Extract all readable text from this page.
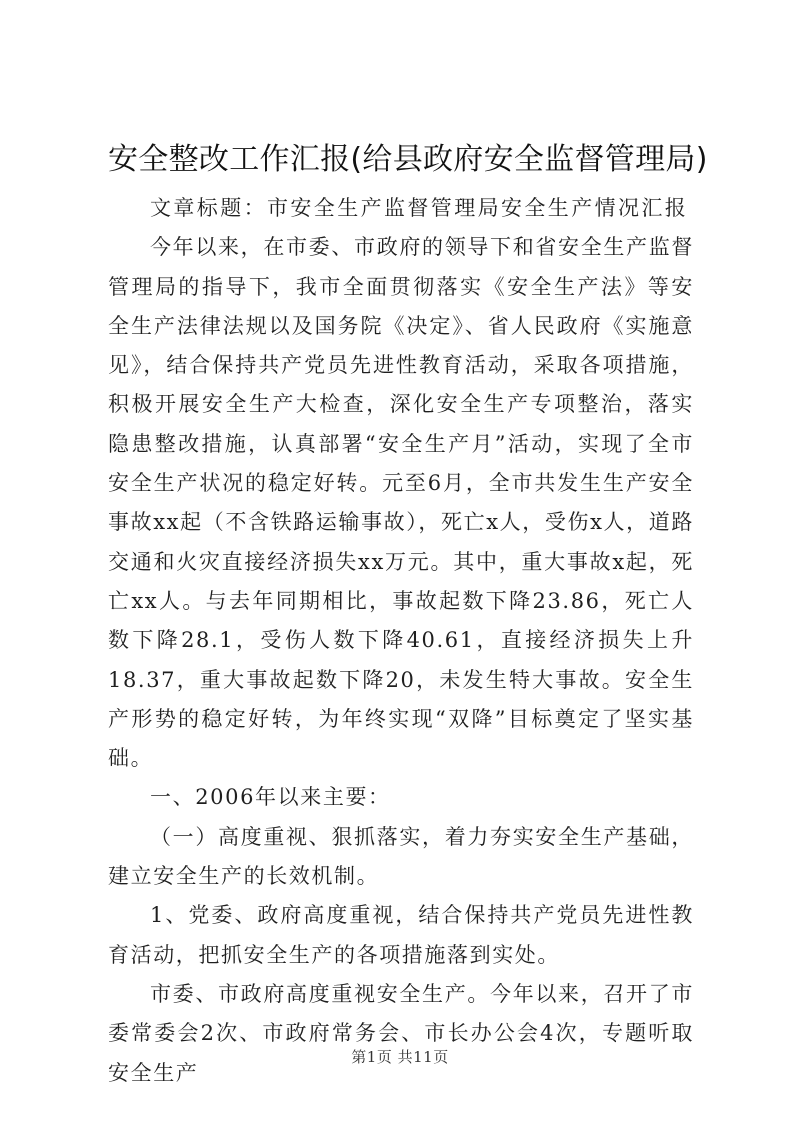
安全整改工作汇报(给县政府安全监督管理局)

文章标题：市安全生产监督管理局安全生产情况汇报

今年以来，在市委、市政府的领导下和省安全生产监督管理局的指导下，我市全面贯彻落实《安全生产法》等安全生产法律法规以及国务院《决定》、省人民政府《实施意见》，结合保持共产党员先进性教育活动，采取各项措施，积极开展安全生产大检查，深化安全生产专项整治，落实隐患整改措施，认真部署“安全生产月”活动，实现了全市安全生产状况的稳定好转。元至6月，全市共发生生产安全事故xx起（不含铁路运输事故），死亡x人，受伤x人，道路交通和火灾直接经济损失xx万元。其中，重大事故x起，死亡xx人。与去年同期相比，事故起数下降23.86，死亡人数下降28.1，受伤人数下降40.61，直接经济损失上升18.37，重大事故起数下降20，未发生特大事故。安全生产形势的稳定好转，为年终实现“双降”目标奠定了坚实基础。

一、2006年以来主要：

（一）高度重视、狠抓落实，着力夯实安全生产基础，建立安全生产的长效机制。

1、党委、政府高度重视，结合保持共产党员先进性教育活动，把抓安全生产的各项措施落到实处。

市委、市政府高度重视安全生产。今年以来，召开了市委常委会2次、市政府常务会、市长办公会4次，专题听取安全生产

第1页 共11页
